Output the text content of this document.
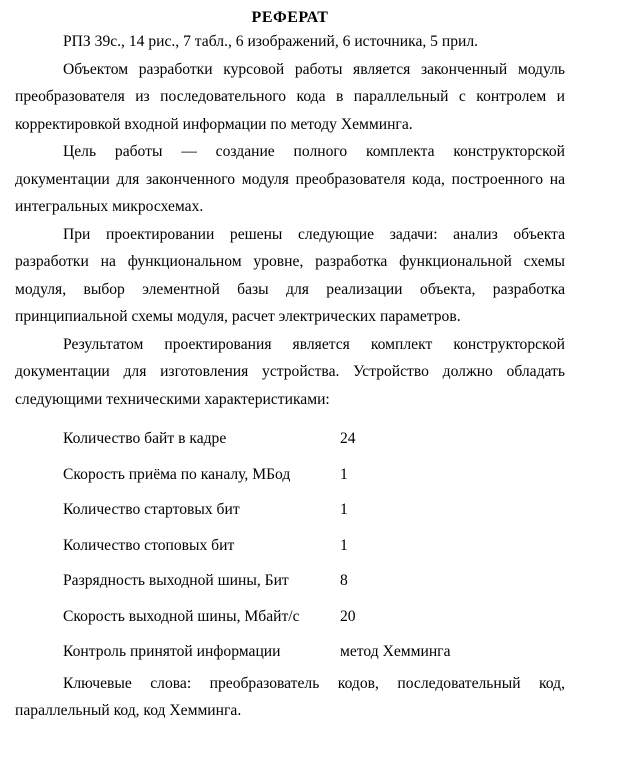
РЕФЕРАТ

РПЗ 39с., 14 рис., 7 табл., 6 изображений, 6 источника, 5 прил.

Объектом разработки курсовой работы является законченный модуль преобразователя из последовательного кода в параллельный с контролем и корректировкой входной информации по методу Хемминга.

Цель работы — создание полного комплекта конструкторской документации для законченного модуля преобразователя кода, построенного на интегральных микросхемах.

При проектировании решены следующие задачи: анализ объекта разработки на функциональном уровне, разработка функциональной схемы модуля, выбор элементной базы для реализации объекта, разработка принципиальной схемы модуля, расчет электрических параметров.

Результатом проектирования является комплект конструкторской документации для изготовления устройства. Устройство должно обладать следующими техническими характеристиками:

Количество байт в кадре	24
Скорость приёма по каналу, МБод	1
Количество стартовых бит	1
Количество стоповых бит	1
Разрядность выходной шины, Бит	8
Скорость выходной шины, Мбайт/с	20
Контроль принятой информации	метод Хемминга

Ключевые слова: преобразователь кодов, последовательный код, параллельный код, код Хемминга.
